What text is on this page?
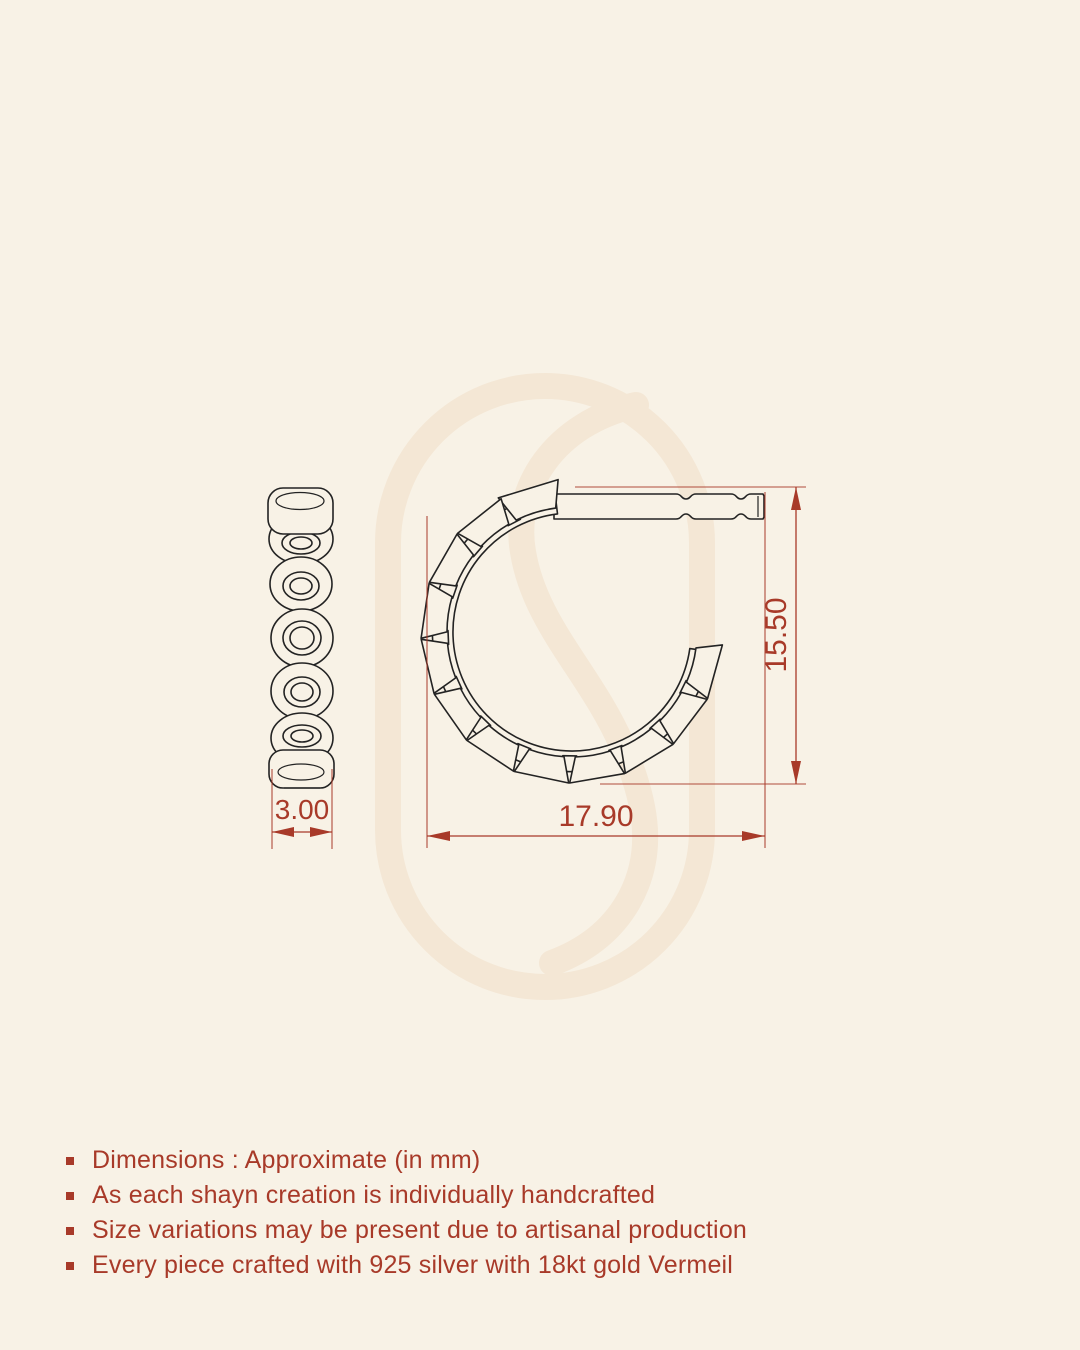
15.50
17.90
3.00
Dimensions : Approximate (in mm)
As each shayn creation is individually handcrafted
Size variations may be present due to artisanal production
Every piece crafted with 925 silver with 18kt gold Vermeil
